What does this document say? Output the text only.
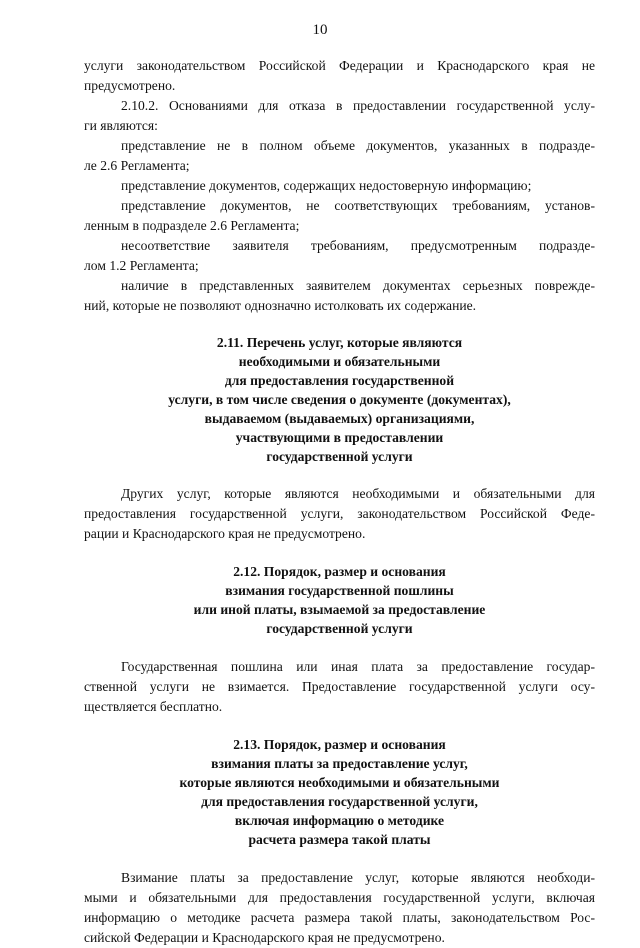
10

услуги законодательством Российской Федерации и Краснодарского края не
предусмотрено.

2.10.2. Основаниями для отказа в предоставлении государственной услу-
ги являются:

представление не в полном объеме документов, указанных в подразде-
ле 2.6 Регламента;

представление документов, содержащих недостоверную информацию;

представление документов, не соответствующих требованиям, установ-
ленным в подразделе 2.6 Регламента;

несоответствие заявителя требованиям, предусмотренным подразде-
лом 1.2 Регламента;

наличие в представленных заявителем документах серьезных поврежде-
ний, которые не позволяют однозначно истолковать их содержание.

2.11. Перечень услуг, которые являются
необходимыми и обязательными
для предоставления государственной
услуги, в том числе сведения о документе (документах),
выдаваемом (выдаваемых) организациями,
участвующими в предоставлении
государственной услуги

Других услуг, которые являются необходимыми и обязательными для
предоставления государственной услуги, законодательством Российской Феде-
рации и Краснодарского края не предусмотрено.

2.12. Порядок, размер и основания
взимания государственной пошлины
или иной платы, взымаемой за предоставление
государственной услуги

Государственная пошлина или иная плата за предоставление государ-
ственной услуги не взимается. Предоставление государственной услуги осу-
ществляется бесплатно.

2.13. Порядок, размер и основания
взимания платы за предоставление услуг,
которые являются необходимыми и обязательными
для предоставления государственной услуги,
включая информацию о методике
расчета размера такой платы

Взимание платы за предоставление услуг, которые являются необходи-
мыми и обязательными для предоставления государственной услуги, включая
информацию о методике расчета размера такой платы, законодательством Рос-
сийской Федерации и Краснодарского края не предусмотрено.
